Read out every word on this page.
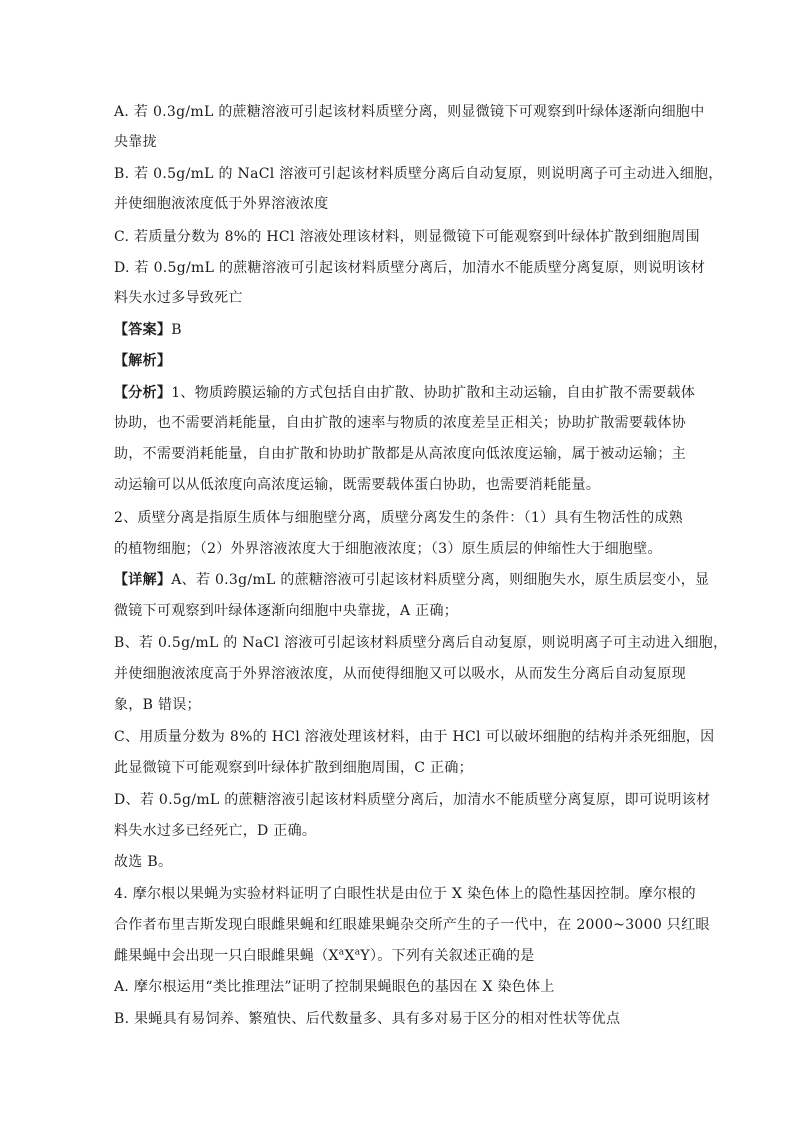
A. 若 0.3g/mL 的蔗糖溶液可引起该材料质壁分离，则显微镜下可观察到叶绿体逐渐向细胞中
央靠拢
B. 若 0.5g/mL 的 NaCl 溶液可引起该材料质壁分离后自动复原，则说明离子可主动进入细胞，
并使细胞液浓度低于外界溶液浓度
C. 若质量分数为 8%的 HCl 溶液处理该材料，则显微镜下可能观察到叶绿体扩散到细胞周围
D. 若 0.5g/mL 的蔗糖溶液可引起该材料质壁分离后，加清水不能质壁分离复原，则说明该材
料失水过多导致死亡
【答案】B
【解析】
【分析】1、物质跨膜运输的方式包括自由扩散、协助扩散和主动运输，自由扩散不需要载体
协助，也不需要消耗能量，自由扩散的速率与物质的浓度差呈正相关；协助扩散需要载体协
助，不需要消耗能量，自由扩散和协助扩散都是从高浓度向低浓度运输，属于被动运输；主
动运输可以从低浓度向高浓度运输，既需要载体蛋白协助，也需要消耗能量。
2、质壁分离是指原生质体与细胞壁分离，质壁分离发生的条件：（1）具有生物活性的成熟
的植物细胞；（2）外界溶液浓度大于细胞液浓度；（3）原生质层的伸缩性大于细胞壁。
【详解】A、若 0.3g/mL 的蔗糖溶液可引起该材料质壁分离，则细胞失水，原生质层变小，显
微镜下可观察到叶绿体逐渐向细胞中央靠拢，A 正确；
B、若 0.5g/mL 的 NaCl 溶液可引起该材料质壁分离后自动复原，则说明离子可主动进入细胞，
并使细胞液浓度高于外界溶液浓度，从而使得细胞又可以吸水，从而发生分离后自动复原现
象，B 错误；
C、用质量分数为 8%的 HCl 溶液处理该材料，由于 HCl 可以破坏细胞的结构并杀死细胞，因
此显微镜下可能观察到叶绿体扩散到细胞周围，C 正确；
D、若 0.5g/mL 的蔗糖溶液引起该材料质壁分离后，加清水不能质壁分离复原，即可说明该材
料失水过多已经死亡，D 正确。
故选 B。
4. 摩尔根以果蝇为实验材料证明了白眼性状是由位于 X 染色体上的隐性基因控制。摩尔根的
合作者布里吉斯发现白眼雌果蝇和红眼雄果蝇杂交所产生的子一代中，在 2000~3000 只红眼
雌果蝇中会出现一只白眼雌果蝇$(X^aX^aY)$。下列有关叙述正确的是
A. 摩尔根运用“类比推理法”证明了控制果蝇眼色的基因在 X 染色体上
B. 果蝇具有易饲养、繁殖快、后代数量多、具有多对易于区分的相对性状等优点
